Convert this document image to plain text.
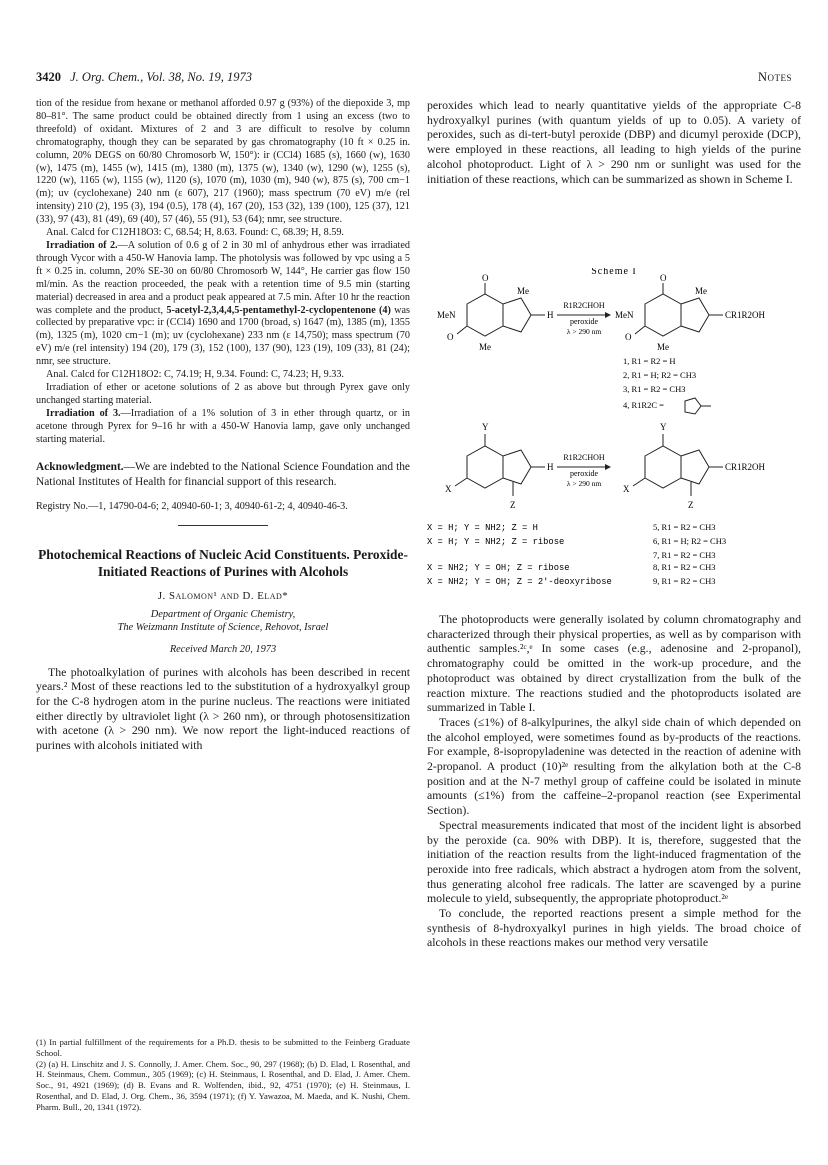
3420 J. Org. Chem., Vol. 38, No. 19, 1973	Notes

tion of the residue from hexane or methanol afforded 0.97 g (93%) of the diepoxide 3, mp 80–81°. The same product could be obtained directly from 1 using an excess (two to threefold) of oxidant. Mixtures of 2 and 3 are difficult to resolve by column chromatography, though they can be separated by gas chromatography (10 ft × 0.25 in. column, 20% DEGS on 60/80 Chromosorb W, 150°): ir (CCl4) 1685 (s), 1660 (w), 1630 (w), 1475 (m), 1455 (w), 1415 (m), 1380 (m), 1375 (w), 1340 (w), 1290 (w), 1255 (s), 1220 (w), 1165 (w), 1155 (w), 1120 (s), 1070 (m), 1030 (m), 940 (w), 875 (s), 700 cm−1 (m); uv (cyclohexane) 240 nm (ε 607), 217 (1960); mass spectrum (70 eV) m/e (rel intensity) 210 (2), 195 (3), 194 (0.5), 178 (4), 167 (20), 153 (32), 139 (100), 125 (37), 121 (33), 97 (43), 81 (49), 69 (40), 57 (46), 55 (91), 53 (64); nmr, see structure.

Anal. Calcd for C12H18O3: C, 68.54; H, 8.63. Found: C, 68.39; H, 8.59.

Irradiation of 2.—A solution of 0.6 g of 2 in 30 ml of anhydrous ether was irradiated through Vycor with a 450-W Hanovia lamp. The photolysis was followed by vpc using a 5 ft × 0.25 in. column, 20% SE-30 on 60/80 Chromosorb W, 144°, He carrier gas flow 150 ml/min. As the reaction proceeded, the peak with a retention time of 9.5 min (starting material) decreased in area and a product peak appeared at 7.5 min. After 10 hr the reaction was complete and the product, 5-acetyl-2,3,4,4,5-pentamethyl-2-cyclopentenone (4) was collected by preparative vpc: ir (CCl4) 1690 and 1700 (broad, s) 1647 (m), 1385 (m), 1355 (m), 1325 (m), 1020 cm−1 (m); uv (cyclohexane) 233 nm (ε 14,750); mass spectrum (70 eV) m/e (rel intensity) 194 (20), 179 (3), 152 (100), 137 (90), 123 (19), 109 (33), 81 (24); nmr, see structure.

Anal. Calcd for C12H18O2: C, 74.19; H, 9.34. Found: C, 74.23; H, 9.33.

Irradiation of ether or acetone solutions of 2 as above but through Pyrex gave only unchanged starting material.

Irradiation of 3.—Irradiation of a 1% solution of 3 in ether through quartz, or in acetone through Pyrex for 9–16 hr with a 450-W Hanovia lamp, gave only unchanged starting material.

Acknowledgment.—We are indebted to the National Science Foundation and the National Institutes of Health for financial support of this research.
Registry No.—1, 14790-04-6; 2, 40940-60-1; 3, 40940-61-2; 4, 40940-46-3.
Photochemical Reactions of Nucleic Acid Constituents. Peroxide-Initiated Reactions of Purines with Alcohols
J. Salomon¹ and D. Elad*
Department of Organic Chemistry,
The Weizmann Institute of Science, Rehovot, Israel
Received March 20, 1973

The photoalkylation of purines with alcohols has been described in recent years.² Most of these reactions led to the substitution of a hydroxyalkyl group for the C-8 hydrogen atom in the purine nucleus. The reactions were initiated either directly by ultraviolet light (λ > 260 nm), or through photosensitization with acetone (λ > 290 nm). We now report the light-induced reactions of purines with alcohols initiated with

(1) In partial fulfillment of the requirements for a Ph.D. thesis to be submitted to the Feinberg Graduate School.

(2) (a) H. Linschitz and J. S. Connolly, J. Amer. Chem. Soc., 90, 297 (1968); (b) D. Elad, I. Rosenthal, and H. Steinmaus, Chem. Commun., 305 (1969); (c) H. Steinmaus, I. Rosenthal, and D. Elad, J. Amer. Chem. Soc., 91, 4921 (1969); (d) B. Evans and R. Wolfenden, ibid., 92, 4751 (1970); (e) H. Steinmaus, I. Rosenthal, and D. Elad, J. Org. Chem., 36, 3594 (1971); (f) Y. Yawazoa, M. Maeda, and K. Nushi, Chem. Pharm. Bull., 20, 1341 (1972).

peroxides which lead to nearly quantitative yields of the appropriate C-8 hydroxyalkyl purines (with quantum yields of up to 0.05). A variety of peroxides, such as di-tert-butyl peroxide (DBP) and dicumyl peroxide (DCP), were employed in these reactions, all leading to high yields of the purine alcohol photoproduct. Light of λ > 290 nm or sunlight was used for the initiation of these reactions, which can be summarized as shown in Scheme I.

Scheme I
O
MeN
O
Me
Me
H
R1R2CHOH
peroxide
λ > 290 nm
O
MeN
O
Me
Me
CR1R2OH
1, R1 = R2 = H
2, R1 = H; R2 = CH3
3, R1 = R2 = CH3
4, R1R2C =
Y
X
Z
H
R1R2CHOH
peroxide
λ > 290 nm
Y
X
Z
CR1R2OH
X = H; Y = NH2; Z = H
X = H; Y = NH2; Z = ribose
X = NH2; Y = OH; Z = ribose
X = NH2; Y = OH; Z = 2′-deoxyribose
5, R1 = R2 = CH3
6, R1 = H; R2 = CH3
7, R1 = R2 = CH3
8, R1 = R2 = CH3
9, R1 = R2 = CH3

The photoproducts were generally isolated by column chromatography and characterized through their physical properties, as well as by comparison with authentic samples.²ᶜ,ᵉ In some cases (e.g., adenosine and 2-propanol), chromatography could be omitted in the work-up procedure, and the photoproduct was obtained by direct crystallization from the bulk of the reaction mixture. The reactions studied and the photoproducts isolated are summarized in Table I.

Traces (≤1%) of 8-alkylpurines, the alkyl side chain of which depended on the alcohol employed, were sometimes found as by-products of the reactions. For example, 8-isopropyladenine was detected in the reaction of adenine with 2-propanol. A product (10)²ᵉ resulting from the alkylation both at the C-8 position and at the N-7 methyl group of caffeine could be isolated in minute amounts (≤1%) from the caffeine–2-propanol reaction (see Experimental Section).

Spectral measurements indicated that most of the incident light is absorbed by the peroxide (ca. 90% with DBP). It is, therefore, suggested that the initiation of the reaction results from the light-induced fragmentation of the peroxide into free radicals, which abstract a hydrogen atom from the solvent, thus generating alcohol free radicals. The latter are scavenged by a purine molecule to yield, subsequently, the appropriate photoproduct.²ᵉ

To conclude, the reported reactions present a simple method for the synthesis of 8-hydroxyalkyl purines in high yields. The broad choice of alcohols in these reactions makes our method very versatile
